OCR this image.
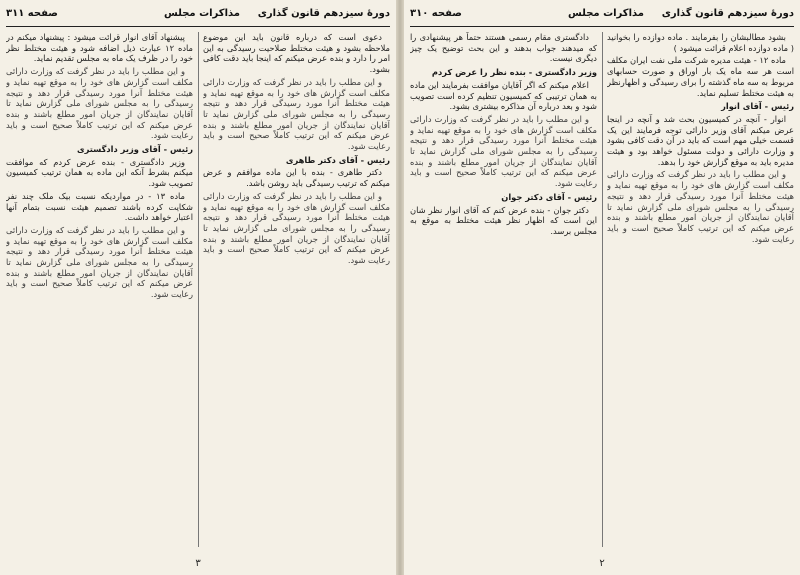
دورهٔ سیزدهم قانون گذاری
مذاکرات مجلس
صفحه ۳۱۱

دعوی است که درباره قانون باید این موضوع ملاحظه بشود و هیئت مختلط صلاحیت رسیدگی به این امر را دارد و بنده عرض میکنم که اینجا باید دقت کافی بشود.

و این مطلب را باید در نظر گرفت که وزارت دارائی مکلف است گزارش های خود را به موقع تهیه نماید و هیئت مختلط آنرا مورد رسیدگی قرار دهد و نتیجه رسیدگی را به مجلس شورای ملی گزارش نماید تا آقایان نمایندگان از جریان امور مطلع باشند و بنده عرض میکنم که این ترتیب کاملاً صحیح است و باید رعایت شود.

رئیس - آقای دکتر طاهری

دکتر طاهری - بنده با این ماده موافقم و عرض میکنم که ترتیب رسیدگی باید روشن باشد.

و این مطلب را باید در نظر گرفت که وزارت دارائی مکلف است گزارش های خود را به موقع تهیه نماید و هیئت مختلط آنرا مورد رسیدگی قرار دهد و نتیجه رسیدگی را به مجلس شورای ملی گزارش نماید تا آقایان نمایندگان از جریان امور مطلع باشند و بنده عرض میکنم که این ترتیب کاملاً صحیح است و باید رعایت شود.

پیشنهاد آقای انوار قرائت میشود : پیشنهاد میکنم در ماده ۱۲ عبارت ذیل اضافه شود و هیئت مختلط نظر خود را در ظرف یک ماه به مجلس تقدیم نماید.

و این مطلب را باید در نظر گرفت که وزارت دارائی مکلف است گزارش های خود را به موقع تهیه نماید و هیئت مختلط آنرا مورد رسیدگی قرار دهد و نتیجه رسیدگی را به مجلس شورای ملی گزارش نماید تا آقایان نمایندگان از جریان امور مطلع باشند و بنده عرض میکنم که این ترتیب کاملاً صحیح است و باید رعایت شود.

رئیس - آقای وزیر دادگستری

وزیر دادگستری - بنده عرض کردم که موافقت میکنم بشرط آنکه این ماده به همان ترتیب کمیسیون تصویب شود.

ماده ۱۳ - در مواردیکه نسبت بیک ملک چند نفر شکایت کرده باشند تصمیم هیئت نسبت بتمام آنها اعتبار خواهد داشت.

و این مطلب را باید در نظر گرفت که وزارت دارائی مکلف است گزارش های خود را به موقع تهیه نماید و هیئت مختلط آنرا مورد رسیدگی قرار دهد و نتیجه رسیدگی را به مجلس شورای ملی گزارش نماید تا آقایان نمایندگان از جریان امور مطلع باشند و بنده عرض میکنم که این ترتیب کاملاً صحیح است و باید رعایت شود.

۳
دورهٔ سیزدهم قانون گذاری
مذاکرات مجلس
صفحه ۳۱۰

بشود مطالبشان را بفرمایند . ماده دوازده را بخوانید ( ماده دوازده اعلام قرائت میشود )

ماده ۱۲ - هیئت مدیره شرکت ملی نفت ایران مکلف است هر سه ماه یک بار اوراق و صورت حسابهای مربوط به سه ماه گذشته را برای رسیدگی و اظهارنظر به هیئت مختلط تسلیم نماید.

رئیس - آقای انوار

انوار - آنچه در کمیسیون بحث شد و آنچه در اینجا عرض میکنم آقای وزیر دارائی توجه فرمایند این یک قسمت خیلی مهم است که باید در آن دقت کافی بشود و وزارت دارائی و دولت مسئول خواهد بود و هیئت مدیره باید به موقع گزارش خود را بدهد.

و این مطلب را باید در نظر گرفت که وزارت دارائی مکلف است گزارش های خود را به موقع تهیه نماید و هیئت مختلط آنرا مورد رسیدگی قرار دهد و نتیجه رسیدگی را به مجلس شورای ملی گزارش نماید تا آقایان نمایندگان از جریان امور مطلع باشند و بنده عرض میکنم که این ترتیب کاملاً صحیح است و باید رعایت شود.

دادگستری مقام رسمی هستند حتماً هر پیشنهادی را که میدهند جواب بدهند و این بحث توضیح یک چیز دیگری نیست.

وزیر دادگستری - بنده نظر را عرض کردم

اعلام میکنم که اگر آقایان موافقت بفرمایند این ماده به همان ترتیبی که کمیسیون تنظیم کرده است تصویب شود و بعد درباره آن مذاکره بیشتری بشود.

و این مطلب را باید در نظر گرفت که وزارت دارائی مکلف است گزارش های خود را به موقع تهیه نماید و هیئت مختلط آنرا مورد رسیدگی قرار دهد و نتیجه رسیدگی را به مجلس شورای ملی گزارش نماید تا آقایان نمایندگان از جریان امور مطلع باشند و بنده عرض میکنم که این ترتیب کاملاً صحیح است و باید رعایت شود.

رئیس - آقای دکتر جوان

دکتر جوان - بنده عرض کنم که آقای انوار نظر شان این است که اظهار نظر هیئت مختلط به موقع به مجلس برسد.

۲
